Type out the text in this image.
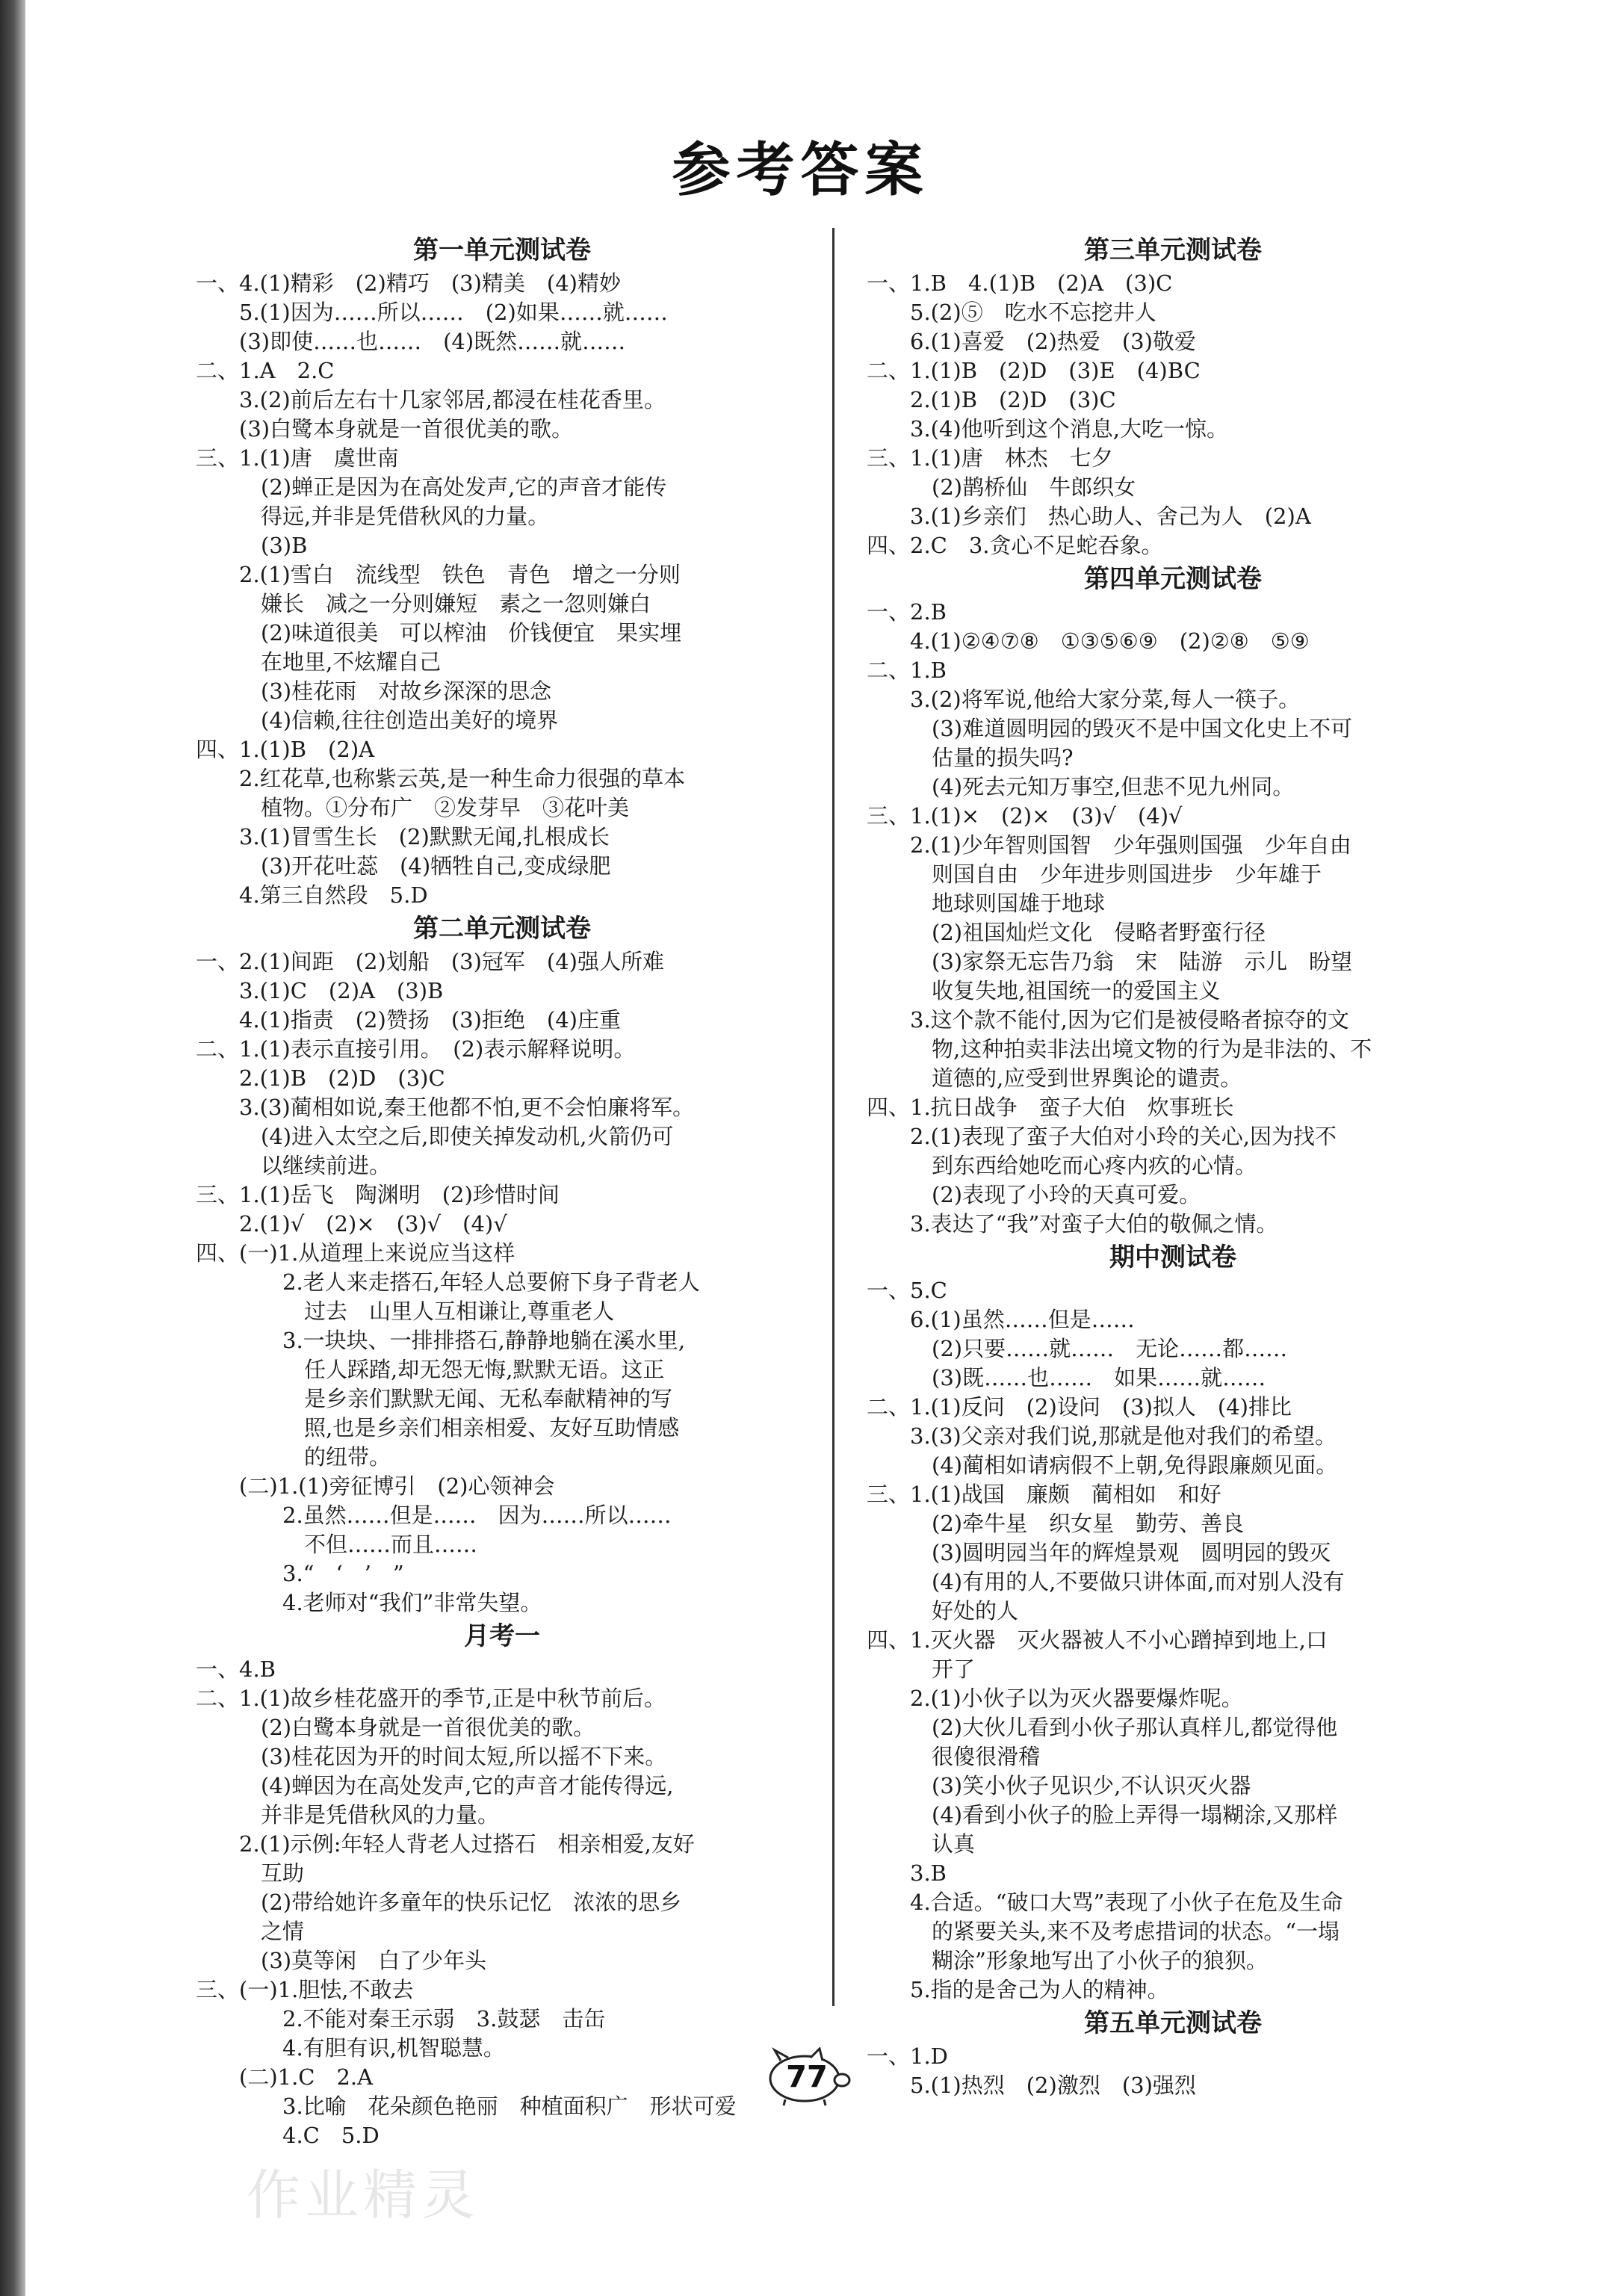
参考答案
第一单元测试卷
一、4.(1)精彩　(2)精巧　(3)精美　(4)精妙
5.(1)因为……所以……　(2)如果……就……
(3)即使……也……　(4)既然……就……
二、1.A　2.C
3.(2)前后左右十几家邻居,都浸在桂花香里。
(3)白鹭本身就是一首很优美的歌。
三、1.(1)唐　虞世南
(2)蝉正是因为在高处发声,它的声音才能传
得远,并非是凭借秋风的力量。
(3)B
2.(1)雪白　流线型　铁色　青色　增之一分则
嫌长　减之一分则嫌短　素之一忽则嫌白
(2)味道很美　可以榨油　价钱便宜　果实埋
在地里,不炫耀自己
(3)桂花雨　对故乡深深的思念
(4)信赖,往往创造出美好的境界
四、1.(1)B　(2)A
2.红花草,也称紫云英,是一种生命力很强的草本
植物。①分布广　②发芽早　③花叶美
3.(1)冒雪生长　(2)默默无闻,扎根成长
(3)开花吐蕊　(4)牺牲自己,变成绿肥
4.第三自然段　5.D
第二单元测试卷
一、2.(1)间距　(2)划船　(3)冠军　(4)强人所难
3.(1)C　(2)A　(3)B
4.(1)指责　(2)赞扬　(3)拒绝　(4)庄重
二、1.(1)表示直接引用。　(2)表示解释说明。
2.(1)B　(2)D　(3)C
3.(3)蔺相如说,秦王他都不怕,更不会怕廉将军。
(4)进入太空之后,即使关掉发动机,火箭仍可
以继续前进。
三、1.(1)岳飞　陶渊明　(2)珍惜时间
2.(1)√　(2)×　(3)√　(4)√
四、(一)1.从道理上来说应当这样
2.老人来走搭石,年轻人总要俯下身子背老人
过去　山里人互相谦让,尊重老人
3.一块块、一排排搭石,静静地躺在溪水里,
任人踩踏,却无怨无悔,默默无语。这正
是乡亲们默默无闻、无私奉献精神的写
照,也是乡亲们相亲相爱、友好互助情感
的纽带。
(二)1.(1)旁征博引　(2)心领神会
2.虽然……但是……　因为……所以……
不但……而且……
3.“　‘　’　”
4.老师对“我们”非常失望。
月考一
一、4.B
二、1.(1)故乡桂花盛开的季节,正是中秋节前后。
(2)白鹭本身就是一首很优美的歌。
(3)桂花因为开的时间太短,所以摇不下来。
(4)蝉因为在高处发声,它的声音才能传得远,
并非是凭借秋风的力量。
2.(1)示例:年轻人背老人过搭石　相亲相爱,友好
互助
(2)带给她许多童年的快乐记忆　浓浓的思乡
之情
(3)莫等闲　白了少年头
三、(一)1.胆怯,不敢去
2.不能对秦王示弱　3.鼓瑟　击缶
4.有胆有识,机智聪慧。
(二)1.C　2.A
3.比喻　花朵颜色艳丽　种植面积广　形状可爱
4.C　5.D
第三单元测试卷
一、1.B　4.(1)B　(2)A　(3)C
5.(2)⑤　吃水不忘挖井人
6.(1)喜爱　(2)热爱　(3)敬爱
二、1.(1)B　(2)D　(3)E　(4)BC
2.(1)B　(2)D　(3)C
3.(4)他听到这个消息,大吃一惊。
三、1.(1)唐　林杰　七夕
(2)鹊桥仙　牛郎织女
3.(1)乡亲们　热心助人、舍己为人　(2)A
四、2.C　3.贪心不足蛇吞象。
第四单元测试卷
一、2.B
4.(1)②④⑦⑧　①③⑤⑥⑨　(2)②⑧　⑤⑨
二、1.B
3.(2)将军说,他给大家分菜,每人一筷子。
(3)难道圆明园的毁灭不是中国文化史上不可
估量的损失吗?
(4)死去元知万事空,但悲不见九州同。
三、1.(1)×　(2)×　(3)√　(4)√
2.(1)少年智则国智　少年强则国强　少年自由
则国自由　少年进步则国进步　少年雄于
地球则国雄于地球
(2)祖国灿烂文化　侵略者野蛮行径
(3)家祭无忘告乃翁　宋　陆游　示儿　盼望
收复失地,祖国统一的爱国主义
3.这个款不能付,因为它们是被侵略者掠夺的文
物,这种拍卖非法出境文物的行为是非法的、不
道德的,应受到世界舆论的谴责。
四、1.抗日战争　蛮子大伯　炊事班长
2.(1)表现了蛮子大伯对小玲的关心,因为找不
到东西给她吃而心疼内疚的心情。
(2)表现了小玲的天真可爱。
3.表达了“我”对蛮子大伯的敬佩之情。
期中测试卷
一、5.C
6.(1)虽然……但是……
(2)只要……就……　无论……都……
(3)既……也……　如果……就……
二、1.(1)反问　(2)设问　(3)拟人　(4)排比
3.(3)父亲对我们说,那就是他对我们的希望。
(4)蔺相如请病假不上朝,免得跟廉颇见面。
三、1.(1)战国　廉颇　蔺相如　和好
(2)牵牛星　织女星　勤劳、善良
(3)圆明园当年的辉煌景观　圆明园的毁灭
(4)有用的人,不要做只讲体面,而对别人没有
好处的人
四、1.灭火器　灭火器被人不小心蹭掉到地上,口
开了
2.(1)小伙子以为灭火器要爆炸呢。
(2)大伙儿看到小伙子那认真样儿,都觉得他
很傻很滑稽
(3)笑小伙子见识少,不认识灭火器
(4)看到小伙子的脸上弄得一塌糊涂,又那样
认真
3.B
4.合适。“破口大骂”表现了小伙子在危及生命
的紧要关头,来不及考虑措词的状态。“一塌
糊涂”形象地写出了小伙子的狼狈。
5.指的是舍己为人的精神。
第五单元测试卷
一、1.D
5.(1)热烈　(2)激烈　(3)强烈
77
作业精灵
